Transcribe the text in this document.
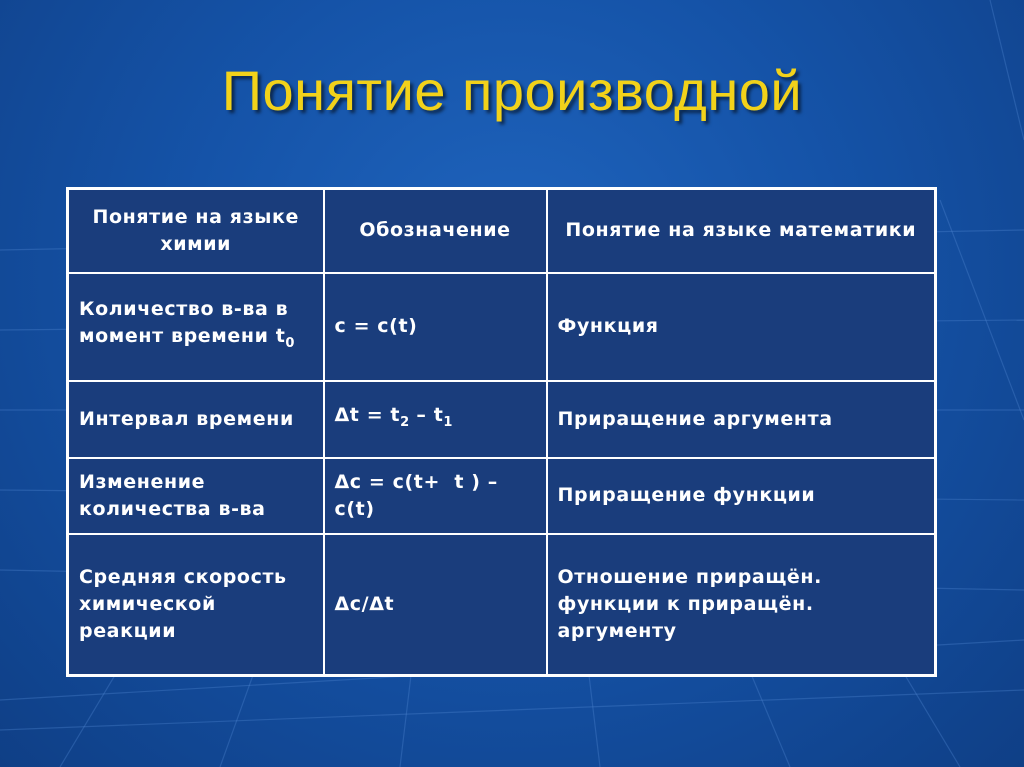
Понятие производной
Понятие на языке химии	Обозначение	Понятие на языке математики
Количество в-ва в момент времени $t_0$	c = c(t)	Функция
Интервал времени	$\Delta t = t_2 - t_1$	Приращение аргумента
Изменение количества в-ва	Δс = с(t+  t ) – с(t)	Приращение функции
Средняя скорость химической реакции	Δс/Δt	Отношение приращён. функции к приращён. аргументу
